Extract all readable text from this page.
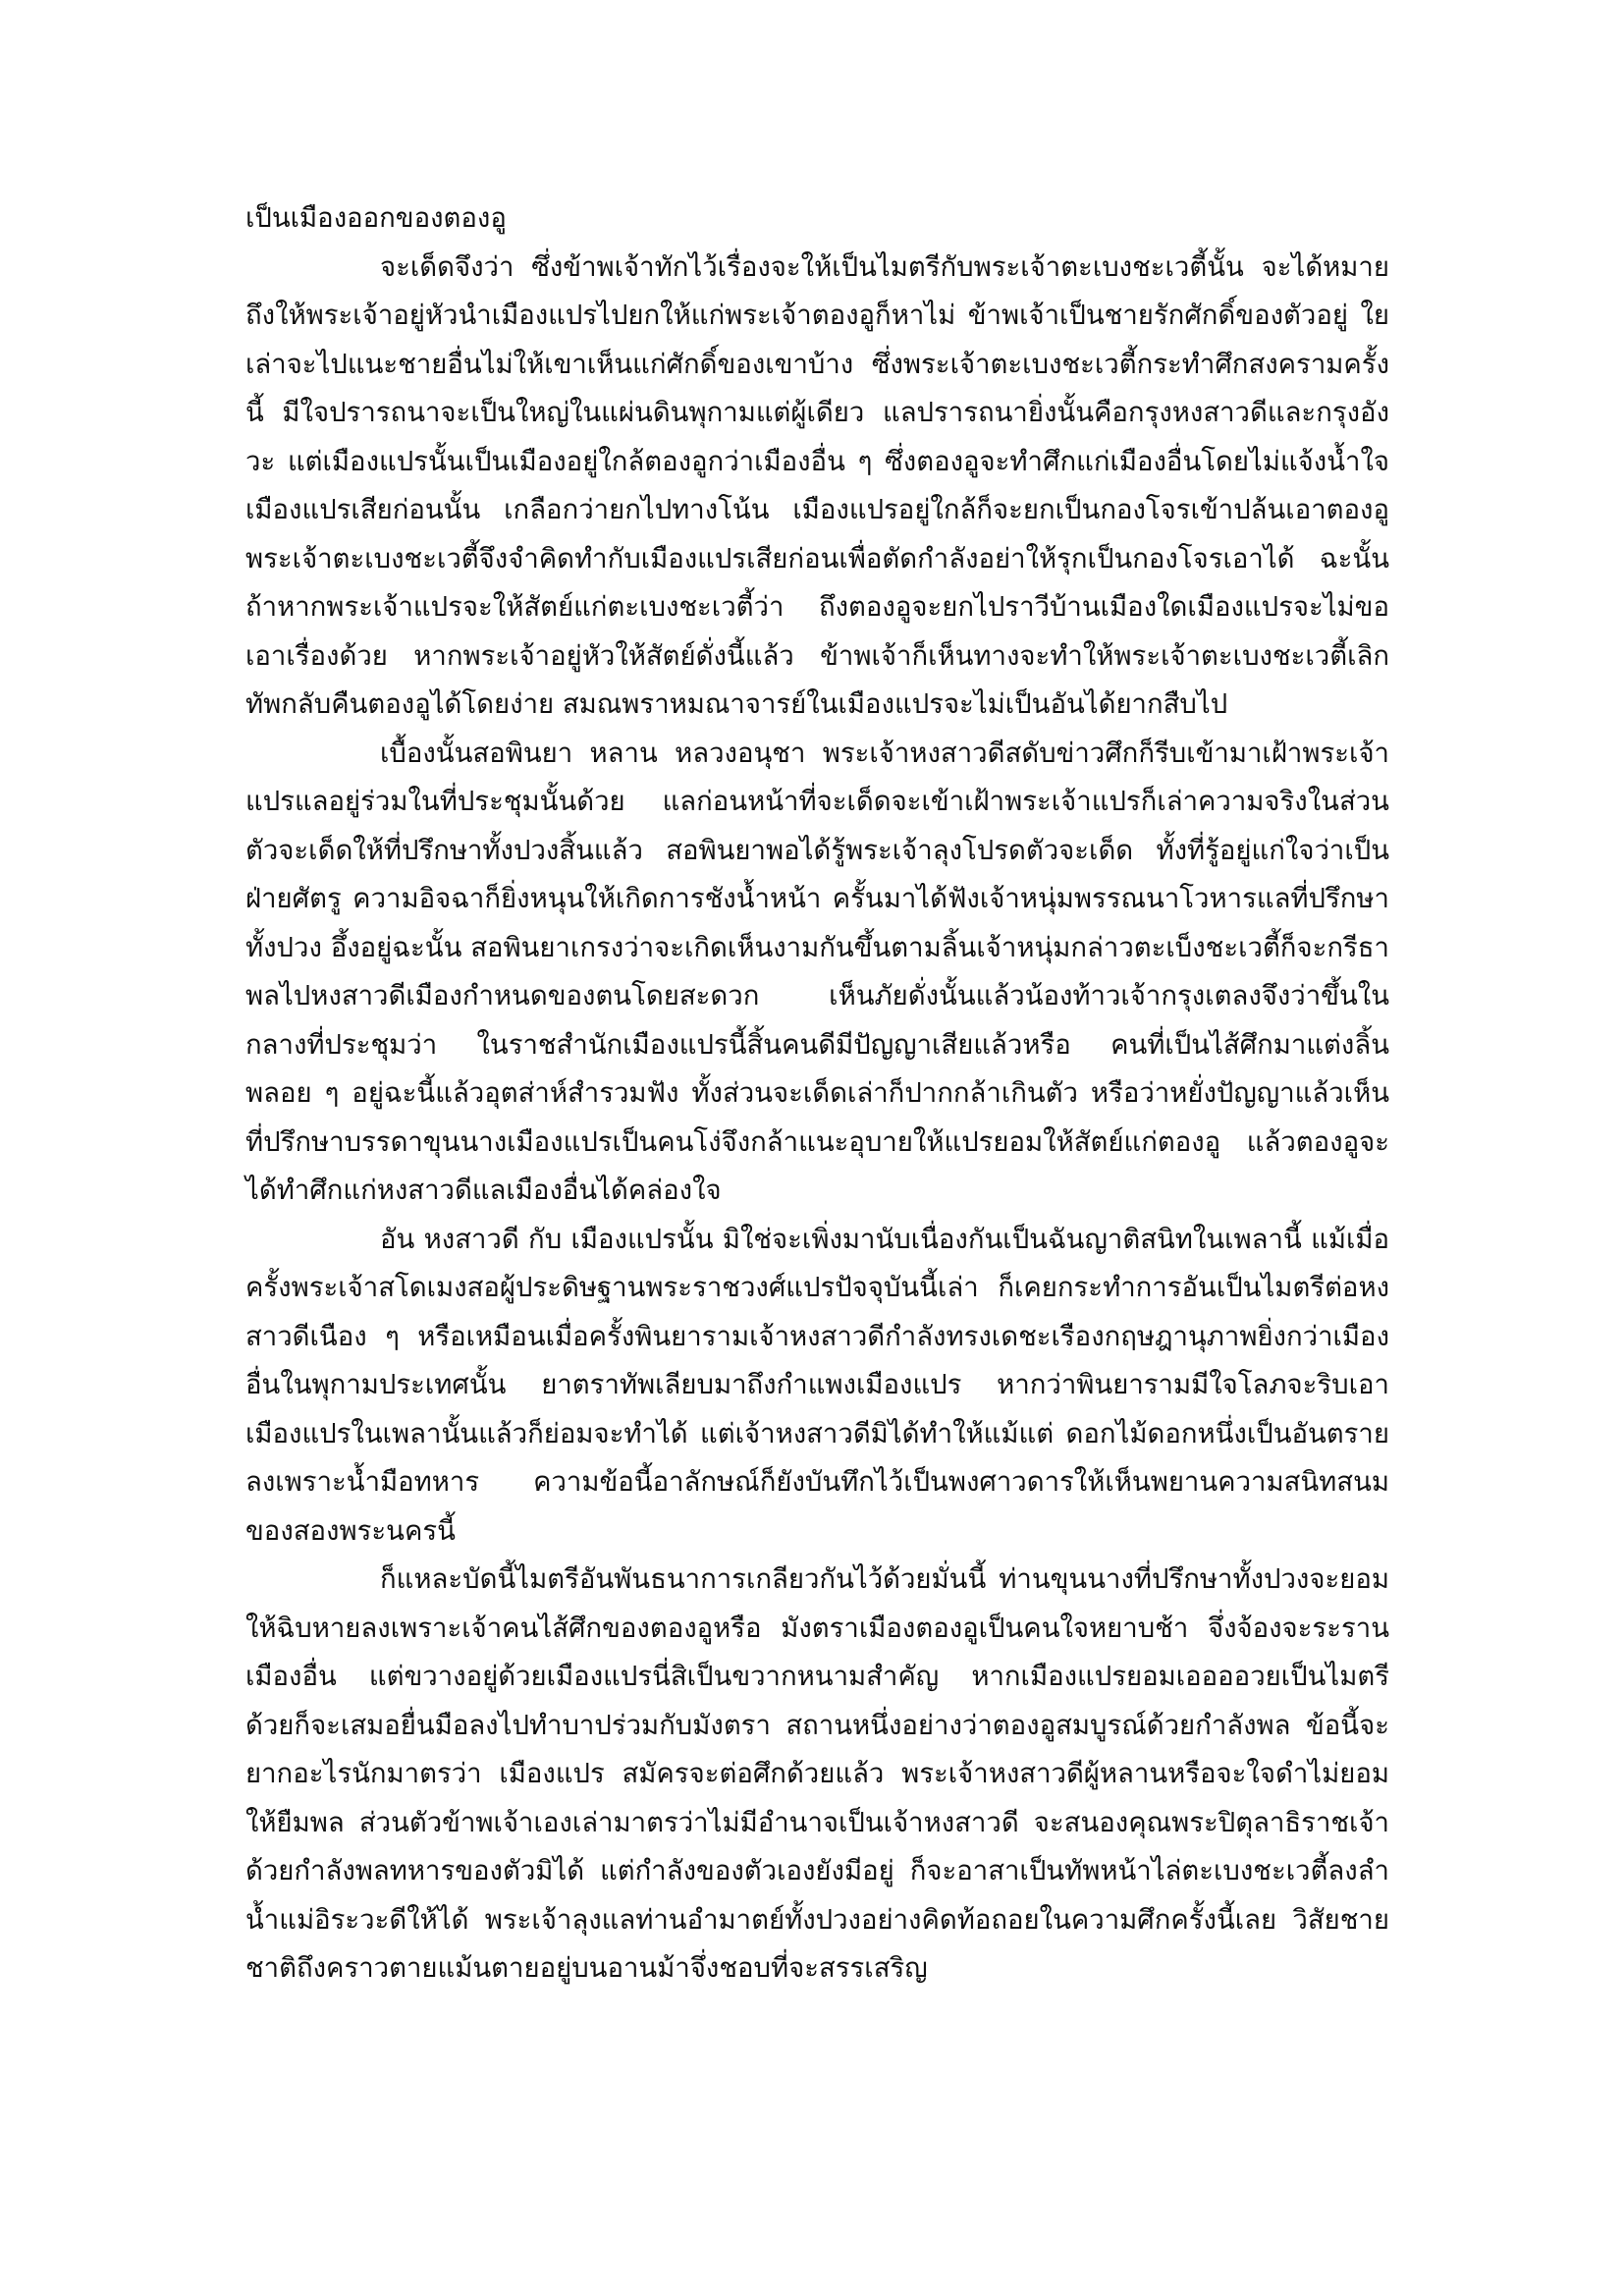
เป็นเมืองออกของตองอู

จะเด็ดจึงว่า ซึ่งข้าพเจ้าทักไว้เรื่องจะให้เป็นไมตรีกับพระเจ้าตะเบงชะเวตี้นั้น จะได้หมายถึงให้พระเจ้าอยู่หัวนำเมืองแปรไปยกให้แก่พระเจ้าตองอูก็หาไม่ ข้าพเจ้าเป็นชายรักศักดิ์ของตัวอยู่ ใยเล่าจะไปแนะชายอื่นไม่ให้เขาเห็นแก่ศักดิ์ของเขาบ้าง ซึ่งพระเจ้าตะเบงชะเวตี้กระทำศึกสงครามครั้งนี้ มีใจปรารถนาจะเป็นใหญ่ในแผ่นดินพุกามแต่ผู้เดียว แลปรารถนายิ่งนั้นคือกรุงหงสาวดีและกรุงอังวะ แต่เมืองแปรนั้นเป็นเมืองอยู่ใกล้ตองอูกว่าเมืองอื่น ๆ ซึ่งตองอูจะทำศึกแก่เมืองอื่นโดยไม่แจ้งน้ำใจเมืองแปรเสียก่อนนั้น เกลือกว่ายกไปทางโน้น เมืองแปรอยู่ใกล้ก็จะยกเป็นกองโจรเข้าปล้นเอาตองอู พระเจ้าตะเบงชะเวตี้จึงจำคิดทำกับเมืองแปรเสียก่อนเพื่อตัดกำลังอย่าให้รุกเป็นกองโจรเอาได้ ฉะนั้นถ้าหากพระเจ้าแปรจะให้สัตย์แก่ตะเบงชะเวตี้ว่า ถึงตองอูจะยกไปราวีบ้านเมืองใดเมืองแปรจะไม่ขอเอาเรื่องด้วย หากพระเจ้าอยู่หัวให้สัตย์ดั่งนี้แล้ว ข้าพเจ้าก็เห็นทางจะทำให้พระเจ้าตะเบงชะเวตี้เลิกทัพกลับคืนตองอูได้โดยง่าย สมณพราหมณาจารย์ในเมืองแปรจะไม่เป็นอันได้ยากสืบไป

เบื้องนั้นสอพินยา หลาน หลวงอนุชา พระเจ้าหงสาวดีสดับข่าวศึกก็รีบเข้ามาเฝ้าพระเจ้าแปรแลอยู่ร่วมในที่ประชุมนั้นด้วย แลก่อนหน้าที่จะเด็ดจะเข้าเฝ้าพระเจ้าแปรก็เล่าความจริงในส่วนตัวจะเด็ดให้ที่ปรึกษาทั้งปวงสิ้นแล้ว สอพินยาพอได้รู้พระเจ้าลุงโปรดตัวจะเด็ด ทั้งที่รู้อยู่แก่ใจว่าเป็นฝ่ายศัตรู ความอิจฉาก็ยิ่งหนุนให้เกิดการชังน้ำหน้า ครั้นมาได้ฟังเจ้าหนุ่มพรรณนาโวหารแลที่ปรึกษาทั้งปวง อึ้งอยู่ฉะนั้น สอพินยาเกรงว่าจะเกิดเห็นงามกันขึ้นตามลิ้นเจ้าหนุ่มกล่าวตะเบ็งชะเวตี้ก็จะกรีธาพลไปหงสาวดีเมืองกำหนดของตนโดยสะดวก เห็นภัยดั่งนั้นแล้วน้องท้าวเจ้ากรุงเตลงจึงว่าขึ้นในกลางที่ประชุมว่า ในราชสำนักเมืองแปรนี้สิ้นคนดีมีปัญญาเสียแล้วหรือ คนที่เป็นไส้ศึกมาแต่งลิ้นพลอย ๆ อยู่ฉะนี้แล้วอุตส่าห์สำรวมฟัง ทั้งส่วนจะเด็ดเล่าก็ปากกล้าเกินตัว หรือว่าหยั่งปัญญาแล้วเห็นที่ปรึกษาบรรดาขุนนางเมืองแปรเป็นคนโง่จึงกล้าแนะอุบายให้แปรยอมให้สัตย์แก่ตองอู แล้วตองอูจะได้ทำศึกแก่หงสาวดีแลเมืองอื่นได้คล่องใจ

อัน หงสาวดี กับ เมืองแปรนั้น มิใช่จะเพิ่งมานับเนื่องกันเป็นฉันญาติสนิทในเพลานี้ แม้เมื่อครั้งพระเจ้าสโดเมงสอผู้ประดิษฐานพระราชวงศ์แปรปัจจุบันนี้เล่า ก็เคยกระทำการอันเป็นไมตรีต่อหงสาวดีเนือง ๆ หรือเหมือนเมื่อครั้งพินยารามเจ้าหงสาวดีกำลังทรงเดชะเรืองกฤษฎานุภาพยิ่งกว่าเมืองอื่นในพุกามประเทศนั้น ยาตราทัพเลียบมาถึงกำแพงเมืองแปร หากว่าพินยารามมีใจโลภจะริบเอาเมืองแปรในเพลานั้นแล้วก็ย่อมจะทำได้ แต่เจ้าหงสาวดีมิได้ทำให้แม้แต่ ดอกไม้ดอกหนึ่งเป็นอันตรายลงเพราะน้ำมือทหาร ความข้อนี้อาลักษณ์ก็ยังบันทึกไว้เป็นพงศาวดารให้เห็นพยานความสนิทสนมของสองพระนครนี้

ก็แหละบัดนี้ไมตรีอันพันธนาการเกลียวกันไว้ด้วยมั่นนี้ ท่านขุนนางที่ปรึกษาทั้งปวงจะยอมให้ฉิบหายลงเพราะเจ้าคนไส้ศึกของตองอูหรือ มังตราเมืองตองอูเป็นคนใจหยาบช้า จึ่งจ้องจะระรานเมืองอื่น แต่ขวางอยู่ด้วยเมืองแปรนี่สิเป็นขวากหนามสำคัญ หากเมืองแปรยอมเออออวยเป็นไมตรีด้วยก็จะเสมอยื่นมือลงไปทำบาปร่วมกับมังตรา สถานหนึ่งอย่างว่าตองอูสมบูรณ์ด้วยกำลังพล ข้อนี้จะยากอะไรนักมาตรว่า เมืองแปร สมัครจะต่อศึกด้วยแล้ว พระเจ้าหงสาวดีผู้หลานหรือจะใจดำไม่ยอมให้ยืมพล ส่วนตัวข้าพเจ้าเองเล่ามาตรว่าไม่มีอำนาจเป็นเจ้าหงสาวดี จะสนองคุณพระปิตุลาธิราชเจ้าด้วยกำลังพลทหารของตัวมิได้ แต่กำลังของตัวเองยังมีอยู่ ก็จะอาสาเป็นทัพหน้าไล่ตะเบงชะเวตี้ลงลำน้ำแม่อิระวะดีให้ได้ พระเจ้าลุงแลท่านอำมาตย์ทั้งปวงอย่างคิดท้อถอยในความศึกครั้งนี้เลย วิสัยชายชาติถึงคราวตายแม้นตายอยู่บนอานม้าจึ่งชอบที่จะสรรเสริญ
